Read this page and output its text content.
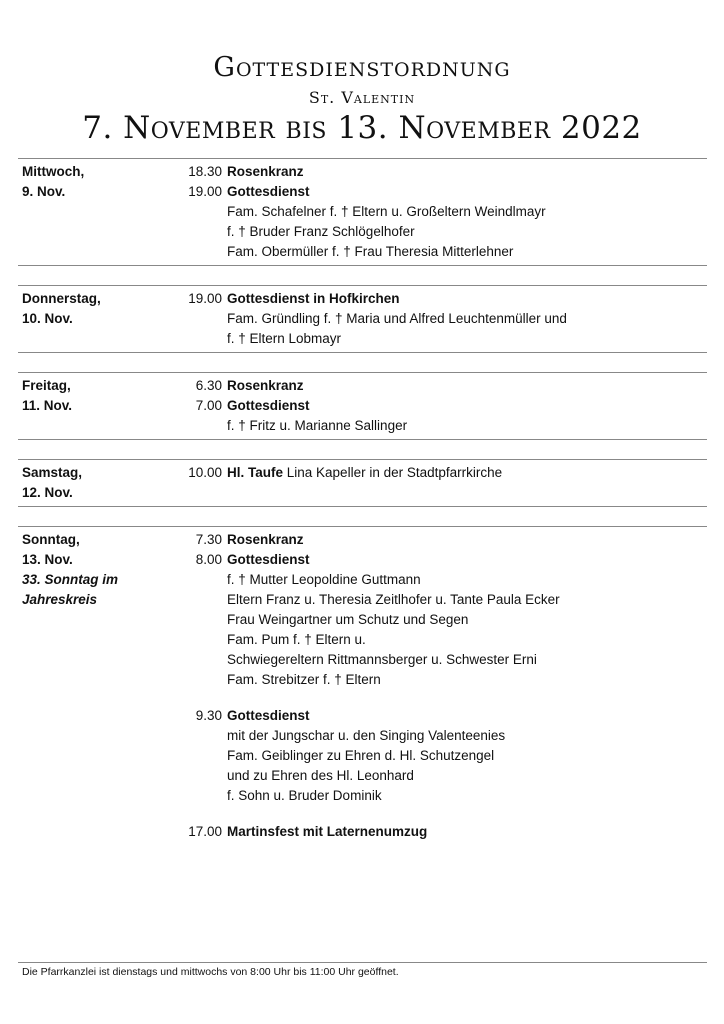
Gottesdienstordnung
St. Valentin
7. November bis 13. November 2022
Mittwoch,
9. Nov.
18.30 Rosenkranz
19.00 Gottesdienst
Fam. Schafelner f. † Eltern u. Großeltern Weindlmayr
f. † Bruder Franz Schlögelhofer
Fam. Obermüller f. † Frau Theresia Mitterlehner
Donnerstag,
10. Nov.
19.00 Gottesdienst in Hofkirchen
Fam. Gründling f. † Maria und Alfred Leuchtenmüller und
f. † Eltern Lobmayr
Freitag,
11. Nov.
6.30 Rosenkranz
7.00 Gottesdienst
f. † Fritz u. Marianne Sallinger
Samstag,
12. Nov.
10.00 Hl. Taufe Lina Kapeller in der Stadtpfarrkirche
Sonntag,
13. Nov.
33. Sonntag im
Jahreskreis
7.30 Rosenkranz
8.00 Gottesdienst
f. † Mutter Leopoldine Guttmann
Eltern Franz u. Theresia Zeitlhofer u. Tante Paula Ecker
Frau Weingartner um Schutz und Segen
Fam. Pum f. † Eltern u.
Schwiegereltern Rittmannsberger u. Schwester Erni
Fam. Strebitzer f. † Eltern
9.30 Gottesdienst
mit der Jungschar u. den Singing Valenteenies
Fam. Geiblinger zu Ehren d. Hl. Schutzengel
und zu Ehren des Hl. Leonhard
f. Sohn u. Bruder Dominik
17.00 Martinsfest mit Laternenumzug
Die Pfarrkanzlei ist dienstags und mittwochs von 8:00 Uhr bis 11:00 Uhr geöffnet.
